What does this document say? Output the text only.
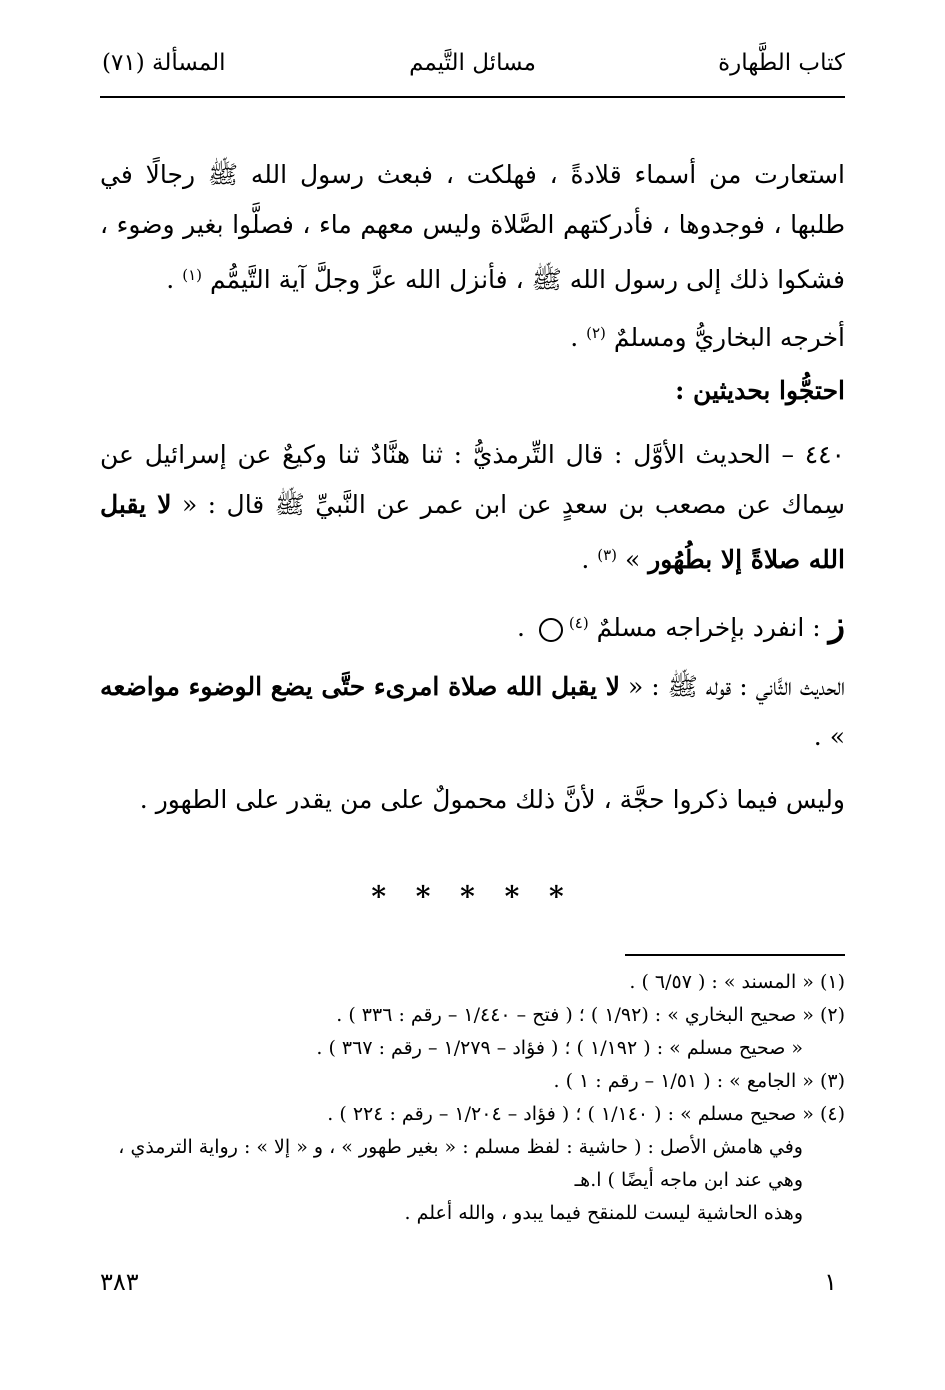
كتاب الطَّهارة
مسائل التَّيمم
المسألة (٧١)
استعارت من أسماء قلادةً ، فهلكت ، فبعث رسول الله ﷺ رجالًا في طلبها ، فوجدوها ، فأدركتهم الصَّلاة وليس معهم ماء ، فصلَّوا بغير وضوء ، فشكوا ذلك إلى رسول الله ﷺ ، فأنزل الله عزَّ وجلَّ آية التَّيمُّم $^{(١)}$ .
أخرجه البخاريُّ ومسلمٌ $^{(٢)}$ .
احتجُّوا بحديثين :
٤٤٠ – الحديث الأوَّل : قال التِّرمذيُّ : ثنا هنَّادٌ ثنا وكيعٌ عن إسرائيل عن سِماك عن مصعب بن سعدٍ عن ابن عمر عن النَّبيِّ ﷺ قال : « لا يقبل الله صلاةً إلا بطُهُور » $^{(٣)}$ .
ز : انفرد بإخراجه مسلمٌ $^{(٤)}$ .
الحديث الثَّاني : قوله ﷺ : « لا يقبل الله صلاة امرىء حتَّى يضع الوضوء مواضعه » .
وليس فيما ذكروا حجَّة ، لأنَّ ذلك محمولٌ على من يقدر على الطهور .
* * * * *
(١) « المسند » : ( ٦/٥٧ ) .
(٢) « صحيح البخاري » : (١/٩٢ ) ؛ ( فتح – ١/٤٤٠ – رقم : ٣٣٦ ) .
« صحيح مسلم » : ( ١/١٩٢ ) ؛ ( فؤاد – ١/٢٧٩ – رقم : ٣٦٧ ) .
(٣) « الجامع » : ( ١/٥١ – رقم : ١ ) .
(٤) « صحيح مسلم » : ( ١/١٤٠ ) ؛ ( فؤاد – ١/٢٠٤ – رقم : ٢٢٤ ) .
وفي هامش الأصل : ( حاشية : لفظ مسلم : « بغير طهور » ، و « إلا » : رواية الترمذي ،
وهي عند ابن ماجه أيضًا ) ا.هـ
وهذه الحاشية ليست للمنقح فيما يبدو ، والله أعلم .
٣٨٣	١
